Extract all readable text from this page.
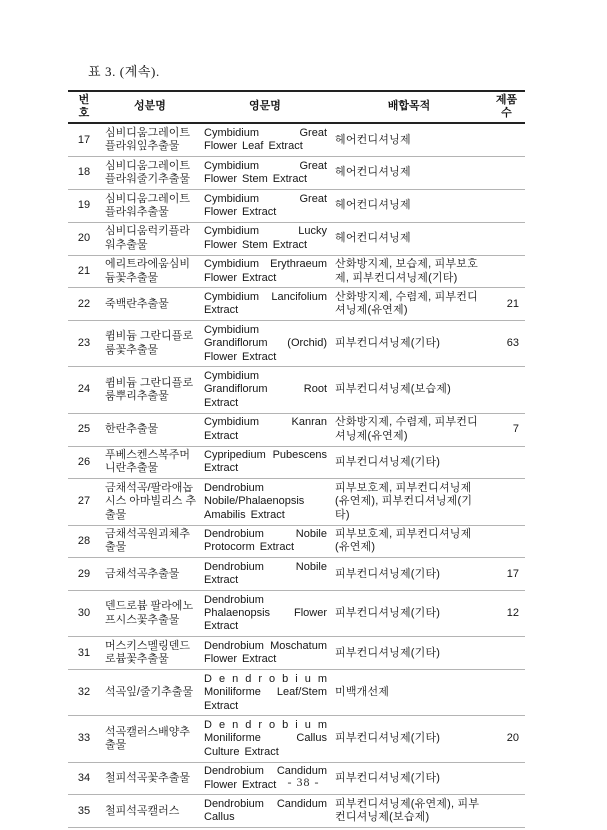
표 3. (계속).
번호	성분명	영문명	배합목적	제품수
17	심비디움그레이트플라워잎추출물	Cymbidium Great Flower Leaf Extract	헤어컨디셔닝제	
18	심비디움그레이트플라워줄기추출물	Cymbidium Great Flower Stem Extract	헤어컨디셔닝제	
19	심비디움그레이트플라워추출물	Cymbidium Great Flower Extract	헤어컨디셔닝제	
20	심비디움럭키플라워추출물	Cymbidium Lucky Flower Stem Extract	헤어컨디셔닝제	
21	에리트라에움심비듐꽃추출물	Cymbidium Erythraeum Flower Extract	산화방지제, 보습제, 피부보호제, 피부컨디셔닝제(기타)	
22	죽백란추출물	Cymbidium Lancifolium Extract	산화방지제, 수렴제, 피부컨디셔닝제(유연제)	21
23	큄비듐 그란디플로룸꽃추출물	Cymbidium Grandiflorum (Orchid) Flower Extract	피부컨디셔닝제(기타)	63
24	큄비듐 그란디플로룸뿌리추출물	Cymbidium Grandiflorum Root Extract	피부컨디셔닝제(보습제)	
25	한란추출물	Cymbidium Kanran Extract	산화방지제, 수렴제, 피부컨디셔닝제(유연제)	7
26	푸베스켄스복주머니란추출물	Cypripedium Pubescens Extract	피부컨디셔닝제(기타)	
27	금채석곡/팔라애놉시스 아마빌리스 추출물	Dendrobium Nobile/Phalaenopsis Amabilis Extract	피부보호제, 피부컨디셔닝제(유연제), 피부컨디셔닝제(기타)	
28	금채석곡원괴체추출물	Dendrobium Nobile Protocorm Extract	피부보호제, 피부컨디셔닝제(유연제)	
29	금채석곡추출물	Dendrobium Nobile Extract	피부컨디셔닝제(기타)	17
30	덴드로븀 팔라에노프시스꽃추출물	Dendrobium Phalaenopsis Flower Extract	피부컨디셔닝제(기타)	12
31	머스키스멜링덴드로븀꽃추출물	Dendrobium Moschatum Flower Extract	피부컨디셔닝제(기타)	
32	석곡잎/줄기추출물	D e n d r o b i u m Moniliforme Leaf/Stem Extract	미백개선제	
33	석곡캘러스배양추출물	D e n d r o b i u m Moniliforme Callus Culture Extract	피부컨디셔닝제(기타)	20
34	철피석곡꽃추출물	Dendrobium Candidum Flower Extract	피부컨디셔닝제(기타)	
35	철피석곡캘러스	Dendrobium Candidum Callus	피부컨디셔닝제(유연제), 피부컨디셔닝제(보습제)	
- 38 -
